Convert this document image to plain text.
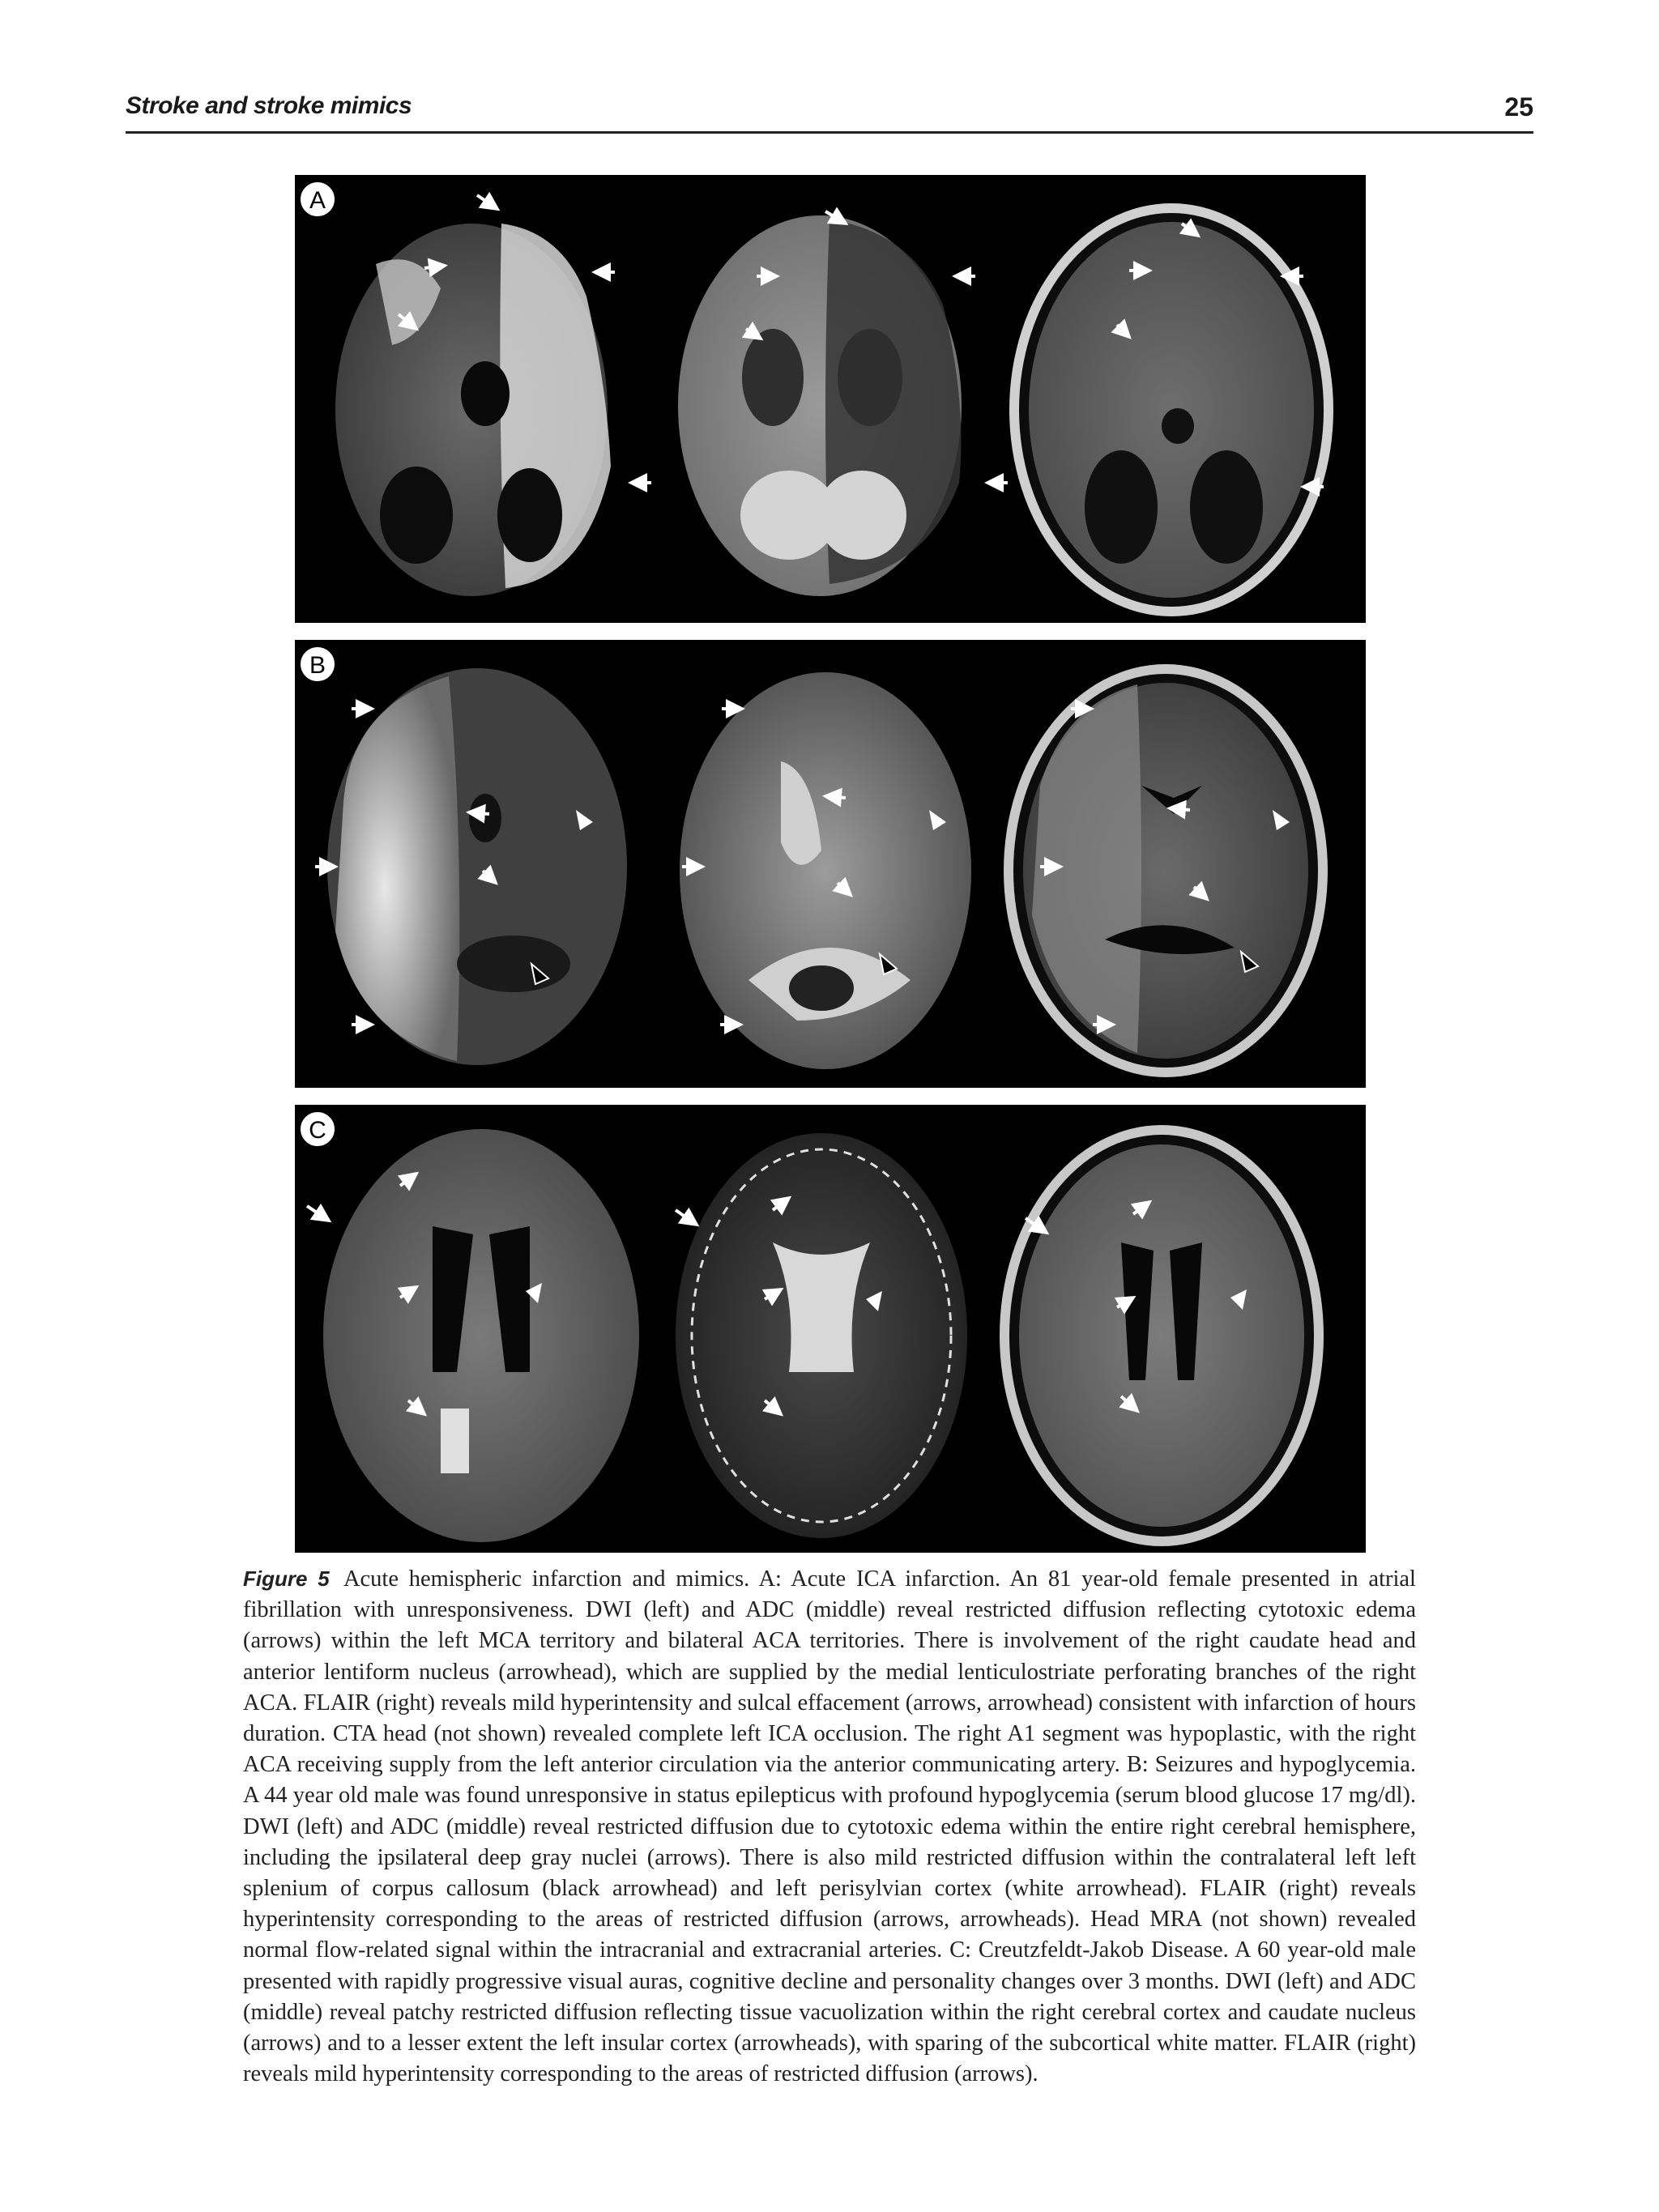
Stroke and stroke mimics	25
A
B
C
Figure 5 Acute hemispheric infarction and mimics. A: Acute ICA infarction. An 81 year-old female presented in atrial fibrillation with unresponsiveness. DWI (left) and ADC (middle) reveal restricted diffusion reflecting cytotoxic edema (arrows) within the left MCA territory and bilateral ACA territories. There is involvement of the right caudate head and anterior lentiform nucleus (arrowhead), which are supplied by the medial lenticulostriate perforating branches of the right ACA. FLAIR (right) reveals mild hyperintensity and sulcal effacement (arrows, arrowhead) consistent with infarction of hours duration. CTA head (not shown) revealed complete left ICA occlusion. The right A1 segment was hypoplastic, with the right ACA receiving supply from the left anterior circulation via the anterior communicating artery. B: Seizures and hypoglycemia. A 44 year old male was found unresponsive in status epilepticus with profound hypoglycemia (serum blood glucose 17 mg/dl). DWI (left) and ADC (middle) reveal restricted diffusion due to cytotoxic edema within the entire right cerebral hemisphere, including the ipsilateral deep gray nuclei (arrows). There is also mild restricted diffusion within the contralateral left left splenium of corpus callosum (black arrowhead) and left perisylvian cortex (white arrowhead). FLAIR (right) reveals hyperintensity corresponding to the areas of restricted diffusion (arrows, arrowheads). Head MRA (not shown) revealed normal flow-related signal within the intracranial and extracranial arteries. C: Creutzfeldt-Jakob Disease. A 60 year-old male presented with rapidly progressive visual auras, cognitive decline and personality changes over 3 months. DWI (left) and ADC (middle) reveal patchy restricted diffusion reflecting tissue vacuolization within the right cerebral cortex and caudate nucleus (arrows) and to a lesser extent the left insular cortex (arrowheads), with sparing of the subcortical white matter. FLAIR (right) reveals mild hyperintensity corresponding to the areas of restricted diffusion (arrows).
